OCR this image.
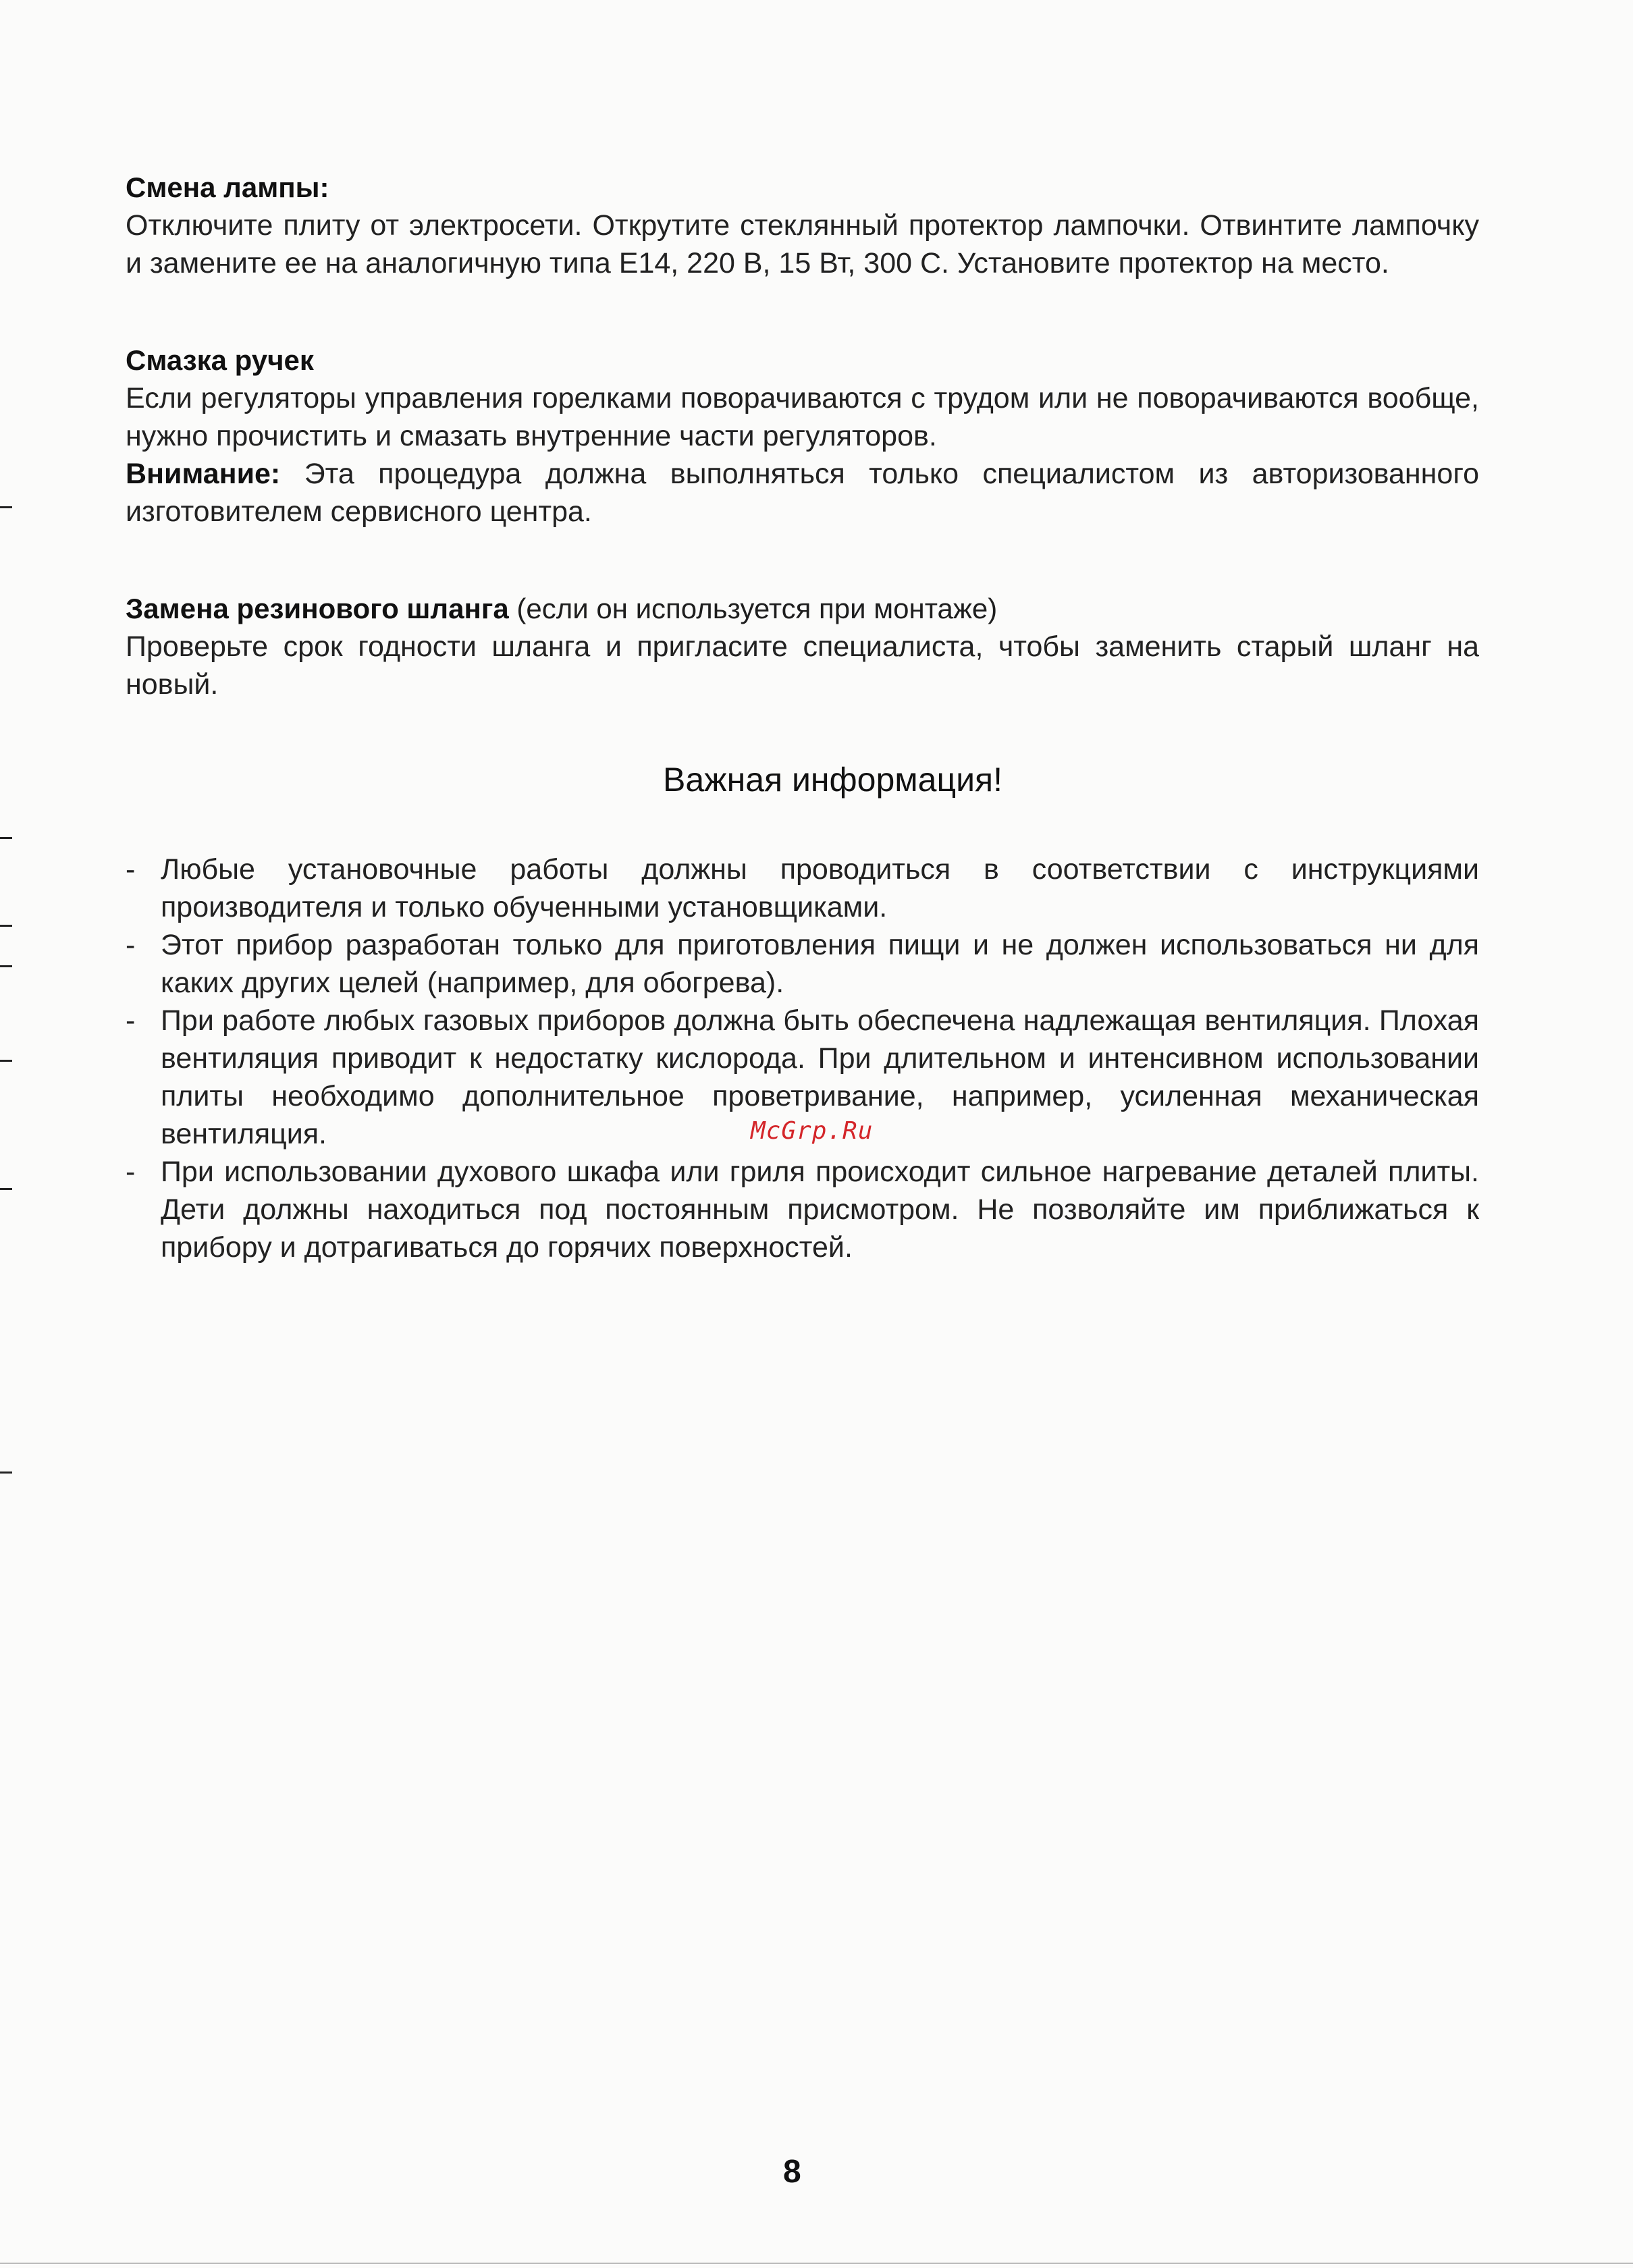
Смена лампы:
Отключите плиту от электросети. Открутите стеклянный протектор лампочки. Отвинтите лампочку и замените ее на аналогичную типа Е14, 220 В, 15 Вт, 300 С. Установите протектор на место.
Смазка ручек
Если регуляторы управления горелками поворачиваются с трудом или не поворачиваются вообще, нужно прочистить и смазать внутренние части регуляторов.
Внимание: Эта процедура должна выполняться только специалистом из авторизованного изготовителем сервисного центра.
Замена резинового шланга (если он используется при монтаже)
Проверьте срок годности шланга и пригласите специалиста, чтобы заменить старый шланг на новый.
Важная информация!
- Любые установочные работы должны проводиться в соответствии с инструкциями производителя и только обученными установщиками.
- Этот прибор разработан только для приготовления пищи и не должен использоваться ни для каких других целей (например, для обогрева).
- При работе любых газовых приборов должна быть обеспечена надлежащая вентиляция. Плохая вентиляция приводит к недостатку кислорода. При длительном и интенсивном использовании плиты необходимо дополнительное проветривание, например, усиленная механическая вентиляция.
- При использовании духового шкафа или гриля происходит сильное нагревание деталей плиты. Дети должны находиться под постоянным присмотром. Не позволяйте им приближаться к прибору и дотрагиваться до горячих поверхностей.
McGrp.Ru
8
